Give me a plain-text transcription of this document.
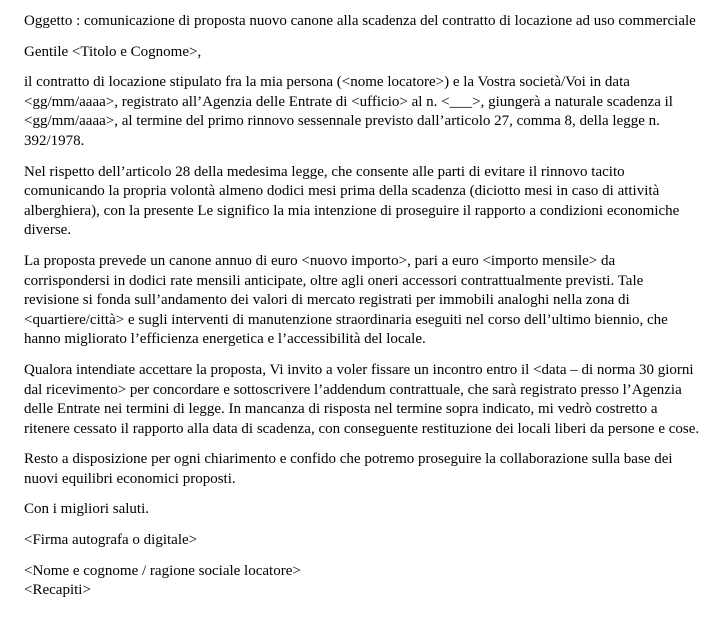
Oggetto : comunicazione di proposta nuovo canone alla scadenza del contratto di locazione ad uso commerciale

Gentile <Titolo e Cognome>,

il contratto di locazione stipulato fra la mia persona (<nome locatore>) e la Vostra società/Voi in data <gg/mm/aaaa>, registrato all’Agenzia delle Entrate di <ufficio> al n. <___>, giungerà a naturale scadenza il <gg/mm/aaaa>, al termine del primo rinnovo sessennale previsto dall’articolo 27, comma 8, della legge n. 392/1978.

Nel rispetto dell’articolo 28 della medesima legge, che consente alle parti di evitare il rinnovo tacito comunicando la propria volontà almeno dodici mesi prima della scadenza (diciotto mesi in caso di attività alberghiera), con la presente Le significo la mia intenzione di proseguire il rapporto a condizioni economiche diverse.

La proposta prevede un canone annuo di euro <nuovo importo>, pari a euro <importo mensile> da corrispondersi in dodici rate mensili anticipate, oltre agli oneri accessori contrattualmente previsti. Tale revisione si fonda sull’andamento dei valori di mercato registrati per immobili analoghi nella zona di <quartiere/città> e sugli interventi di manutenzione straordinaria eseguiti nel corso dell’ultimo biennio, che hanno migliorato l’efficienza energetica e l’accessibilità del locale.

Qualora intendiate accettare la proposta, Vi invito a voler fissare un incontro entro il <data – di norma 30 giorni dal ricevimento> per concordare e sottoscrivere l’addendum contrattuale, che sarà registrato presso l’Agenzia delle Entrate nei termini di legge. In mancanza di risposta nel termine sopra indicato, mi vedrò costretto a ritenere cessato il rapporto alla data di scadenza, con conseguente restituzione dei locali liberi da persone e cose.

Resto a disposizione per ogni chiarimento e confido che potremo proseguire la collaborazione sulla base dei nuovi equilibri economici proposti.

Con i migliori saluti.

<Firma autografa o digitale>

<Nome e cognome / ragione sociale locatore>

<Recapiti>
